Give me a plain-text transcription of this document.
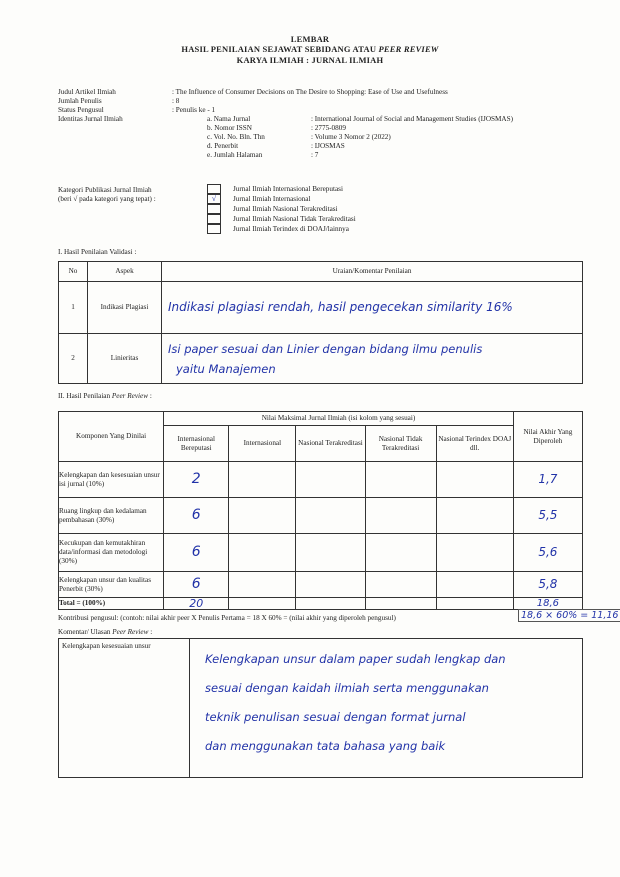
LEMBAR
HASIL PENILAIAN SEJAWAT SEBIDANG ATAU PEER REVIEW
KARYA ILMIAH : JURNAL ILMIAH
Judul Artikel Ilmiah	: The Influence of Consumer Decisions on The Desire to Shopping: Ease of Use and Usefulness
Jumlah Penulis	: 8
Status Pengusul	: Penulis ke - 1
Identitas Jurnal Ilmiah	a. Nama Jurnal	: International Journal of Social and Management Studies (IJOSMAS)
b. Nomor ISSN	: 2775-0809
c. Vol. No. Bln. Thn	: Volume 3 Nomor 2 (2022)
d. Penerbit	: IJOSMAS
e. Jumlah Halaman	: 7
Kategori Publikasi Jurnal Ilmiah
(beri √ pada kategori yang tepat) :
Jurnal Ilmiah Internasional Bereputasi
√	Jurnal Ilmiah Internasional
Jurnal Ilmiah Nasional Terakreditasi
Jurnal Ilmiah Nasional Tidak Terakreditasi
Jurnal Ilmiah Terindex di DOAJ/lainnya
I. Hasil Penilaian Validasi :
No	Aspek	Uraian/Komentar Penilaian
1	Indikasi Plagiasi	Indikasi plagiasi rendah, hasil pengecekan similarity 16%
2	Linieritas	Isi paper sesuai dan Linier dengan bidang ilmu penulis
yaitu Manajemen
II. Hasil Penilaian Peer Review :
Komponen Yang Dinilai	Nilai Maksimal Jurnal Ilmiah (isi kolom yang sesuai)					Nilai Akhir Yang Diperoleh
	Internasional Bereputasi	Internasional	Nasional Terakreditasi	Nasional Tidak Terakreditasi	Nasional Terindex DOAJ dll.	
Kelengkapan dan kesesuaian unsur isi jurnal (10%)	2					1,7
Ruang lingkup dan kedalaman pembahasan (30%)	6					5,5
Kecukupan dan kemutakhiran data/informasi dan metodologi (30%)	6					5,6
Kelengkapan unsur dan kualitas Penerbit (30%)	6					5,8
Total = (100%)	20					18,6
Kontribusi pengusul: (contoh: nilai akhir peer X Penulis Pertama = 18 X 60% = (nilai akhir yang diperoleh pengusul)	18,6 × 60% = 11,16
Komentar/ Ulasan Peer Review :
Kelengkapan kesesuaian unsur
Kelengkapan unsur dalam paper sudah lengkap dan
sesuai dengan kaidah ilmiah serta menggunakan
teknik penulisan sesuai dengan format jurnal
dan menggunakan tata bahasa yang baik
